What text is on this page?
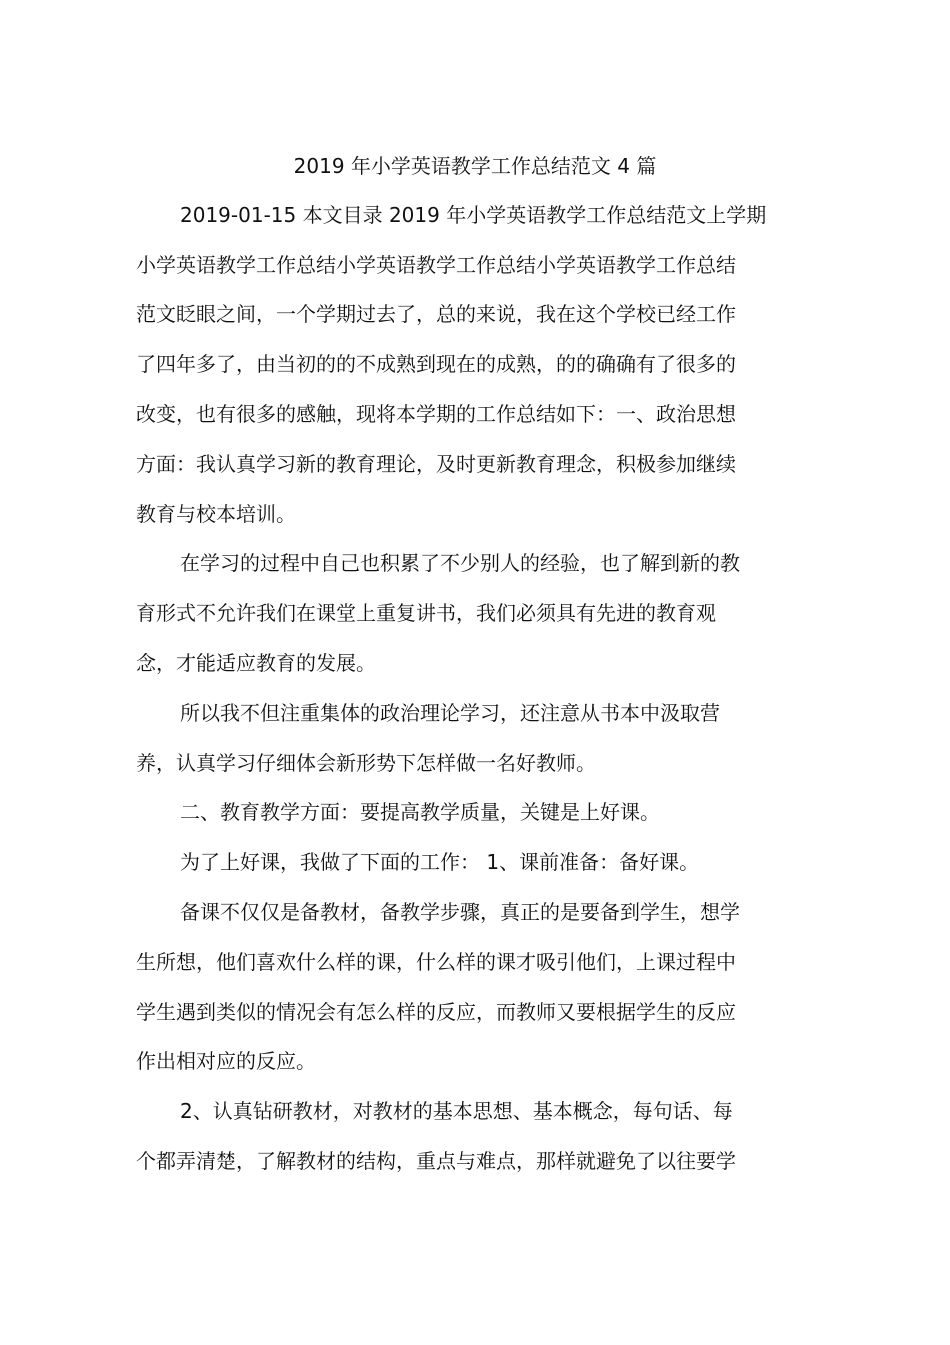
2019 年小学英语教学工作总结范文 4 篇
2019-01-15 本文目录 2019 年小学英语教学工作总结范文上学期
小学英语教学工作总结小学英语教学工作总结小学英语教学工作总结
范文眨眼之间，一个学期过去了，总的来说，我在这个学校已经工作
了四年多了，由当初的的不成熟到现在的成熟，的的确确有了很多的
改变，也有很多的感触，现将本学期的工作总结如下：一、政治思想
方面：我认真学习新的教育理论，及时更新教育理念，积极参加继续
教育与校本培训。
在学习的过程中自己也积累了不少别人的经验，也了解到新的教
育形式不允许我们在课堂上重复讲书，我们必须具有先进的教育观
念，才能适应教育的发展。
所以我不但注重集体的政治理论学习，还注意从书本中汲取营
养，认真学习仔细体会新形势下怎样做一名好教师。
二、教育教学方面：要提高教学质量，关键是上好课。
为了上好课，我做了下面的工作： 1、课前准备：备好课。
备课不仅仅是备教材，备教学步骤，真正的是要备到学生，想学
生所想，他们喜欢什么样的课，什么样的课才吸引他们，上课过程中
学生遇到类似的情况会有怎么样的反应，而教师又要根据学生的反应
作出相对应的反应。
2、认真钻研教材，对教材的基本思想、基本概念，每句话、每
个都弄清楚，了解教材的结构，重点与难点，那样就避免了以往要学
